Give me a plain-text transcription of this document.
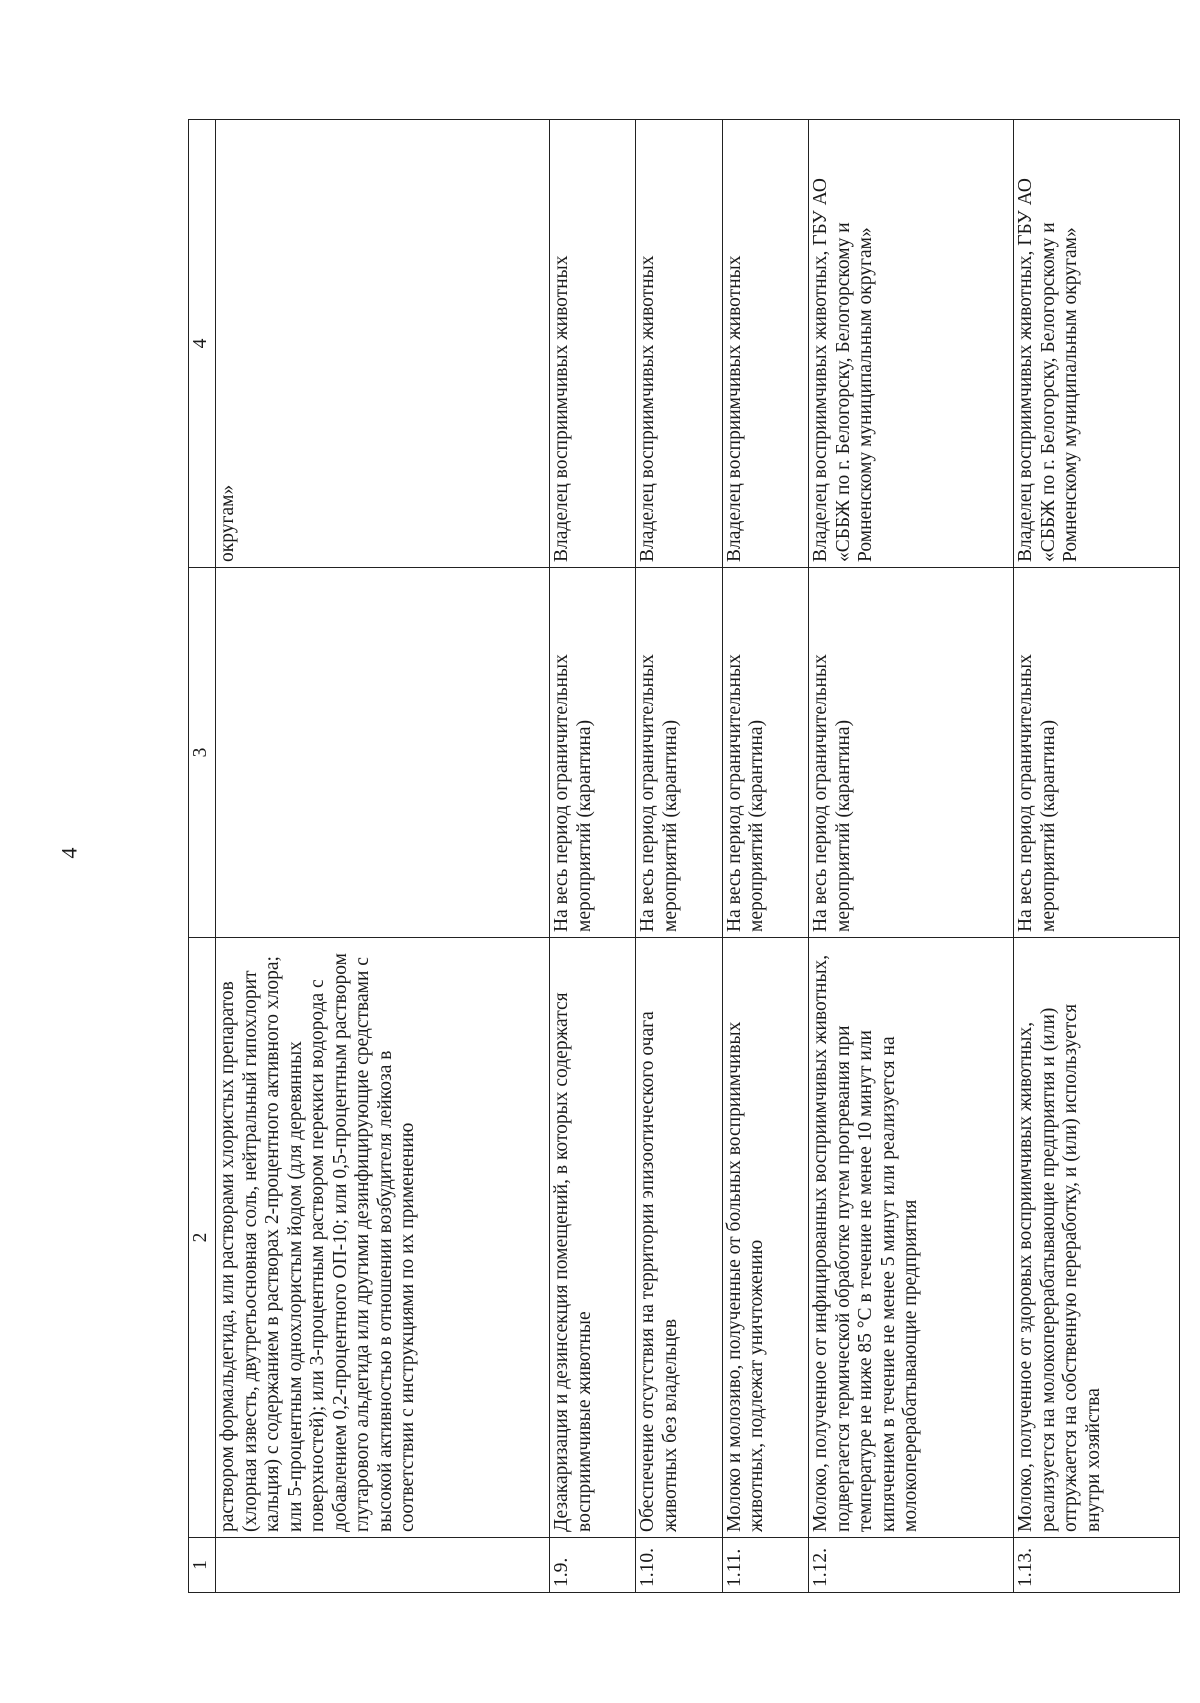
4
1	2	3	4
	раствором формальдегида, или растворами хлористых препаратов (хлорная известь, двутретьосновная соль, нейтральный гипохлорит кальция) с содержанием в растворах 2-процентного активного хлора; или 5-процентным однохлористым йодом (для деревянных поверхностей); или 3-процентным раствором перекиси водорода с добавлением 0,2-процентного ОП-10; или 0,5-процентным раствором глутарового альдегида или другими дезинфицирующие средствами с высокой активностью в отношении возбудителя лейкоза в соответствии с инструкциями по их применению		округам»
1.9.	Дезакаризация и дезинсекция помещений, в которых содержатся восприимчивые животные	На весь период ограничительных мероприятий (карантина)	Владелец восприимчивых животных
1.10.	Обеспечение отсутствия на территории эпизоотического очага животных без владельцев	На весь период ограничительных мероприятий (карантина)	Владелец восприимчивых животных
1.11.	Молоко и молозиво, полученные от больных восприимчивых животных, подлежат уничтожению	На весь период ограничительных мероприятий (карантина)	Владелец восприимчивых животных
1.12.	Молоко, полученное от инфицированных восприимчивых животных, подвергается термической обработке путем прогревания при температуре не ниже 85 °С в течение не менее 10 минут или кипячением в течение не менее 5 минут или реализуется на молокоперерабатывающие предприятия	На весь период ограничительных мероприятий (карантина)	Владелец восприимчивых животных, ГБУ АО «СББЖ по г. Белогорску, Белогорскому и Ромненскому муниципальным округам»
1.13.	Молоко, полученное от здоровых восприимчивых животных, реализуется на молокоперерабатывающие предприятия и (или) отгружается на собственную переработку, и (или) используется внутри хозяйства	На весь период ограничительных мероприятий (карантина)	Владелец восприимчивых животных, ГБУ АО «СББЖ по г. Белогорску, Белогорскому и Ромненскому муниципальным округам»
